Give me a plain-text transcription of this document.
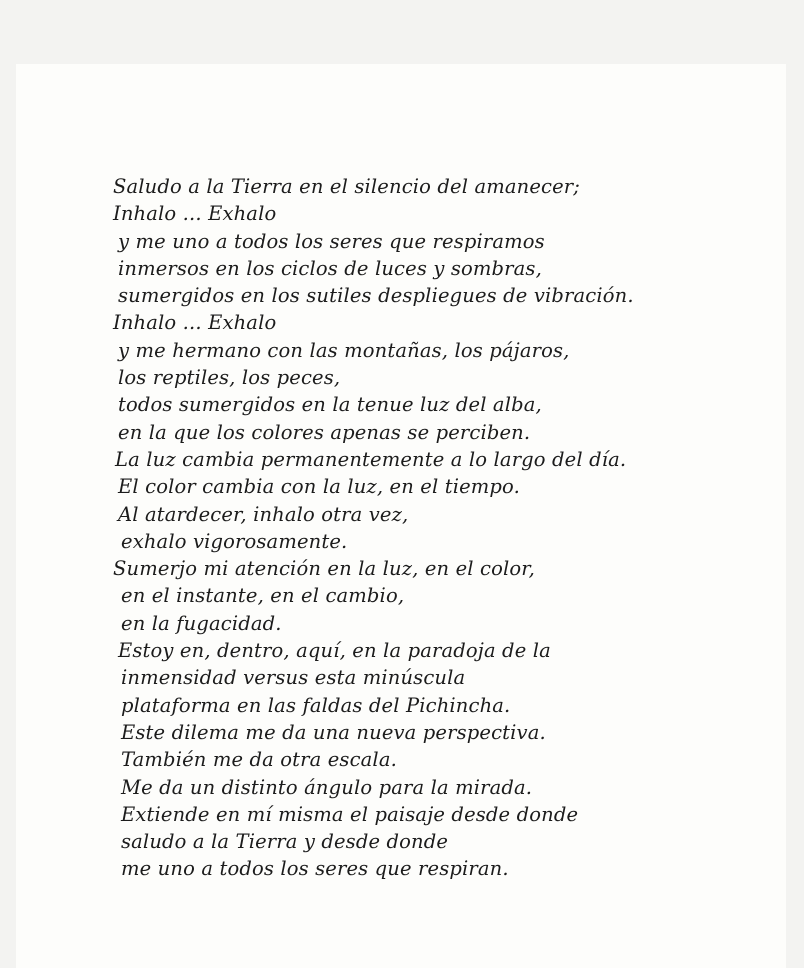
Saludo a la Tierra en el silencio del amanecer;
Inhalo ... Exhalo
y me uno a todos los seres que respiramos
inmersos en los ciclos de luces y sombras,
sumergidos en los sutiles despliegues de vibración.
Inhalo ... Exhalo
y me hermano con las montañas, los pájaros,
los reptiles, los peces,
todos sumergidos en la tenue luz del alba,
en la que los colores apenas se perciben.
La luz cambia permanentemente a lo largo del día.
El color cambia con la luz, en el tiempo.
Al atardecer, inhalo otra vez,
exhalo vigorosamente.
Sumerjo mi atención en la luz, en el color,
en el instante, en el cambio,
en la fugacidad.
Estoy en, dentro, aquí, en la paradoja de la
inmensidad versus esta minúscula
plataforma en las faldas del Pichincha.
Este dilema me da una nueva perspectiva.
También me da otra escala.
Me da un distinto ángulo para la mirada.
Extiende en mí misma el paisaje desde donde
saludo a la Tierra y desde donde
me uno a todos los seres que respiran.
